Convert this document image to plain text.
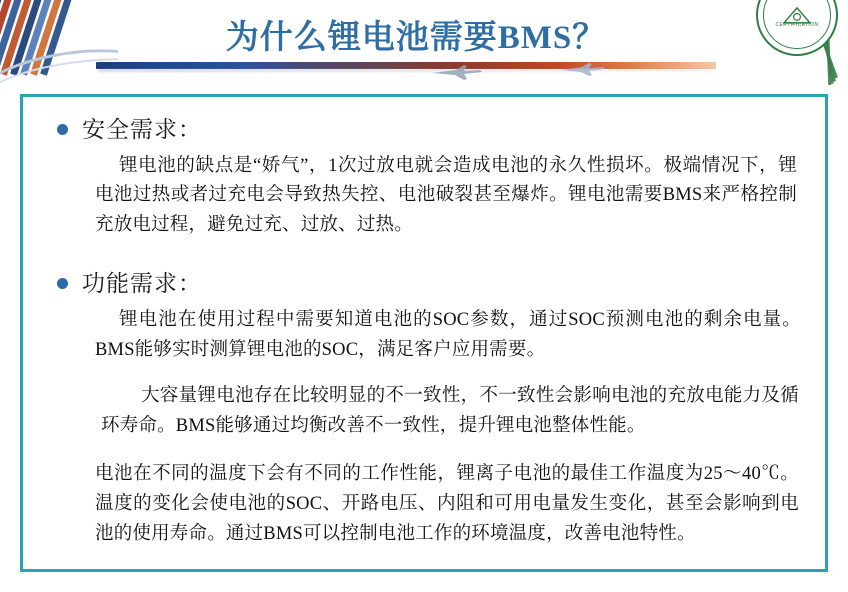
CERTIFICATION
为什么锂电池需要BMS？
安全需求：
锂电池的缺点是“娇气”，1次过放电就会造成电池的永久性损坏。极端情况下，锂电池过热或者过充电会导致热失控、电池破裂甚至爆炸。锂电池需要BMS来严格控制充放电过程，避免过充、过放、过热。
功能需求：
锂电池在使用过程中需要知道电池的SOC参数，通过SOC预测电池的剩余电量。BMS能够实时测算锂电池的SOC，满足客户应用需要。
大容量锂电池存在比较明显的不一致性，不一致性会影响电池的充放电能力及循环寿命。BMS能够通过均衡改善不一致性，提升锂电池整体性能。
电池在不同的温度下会有不同的工作性能，锂离子电池的最佳工作温度为25～40℃。温度的变化会使电池的SOC、开路电压、内阻和可用电量发生变化，甚至会影响到电池的使用寿命。通过BMS可以控制电池工作的环境温度，改善电池特性。
